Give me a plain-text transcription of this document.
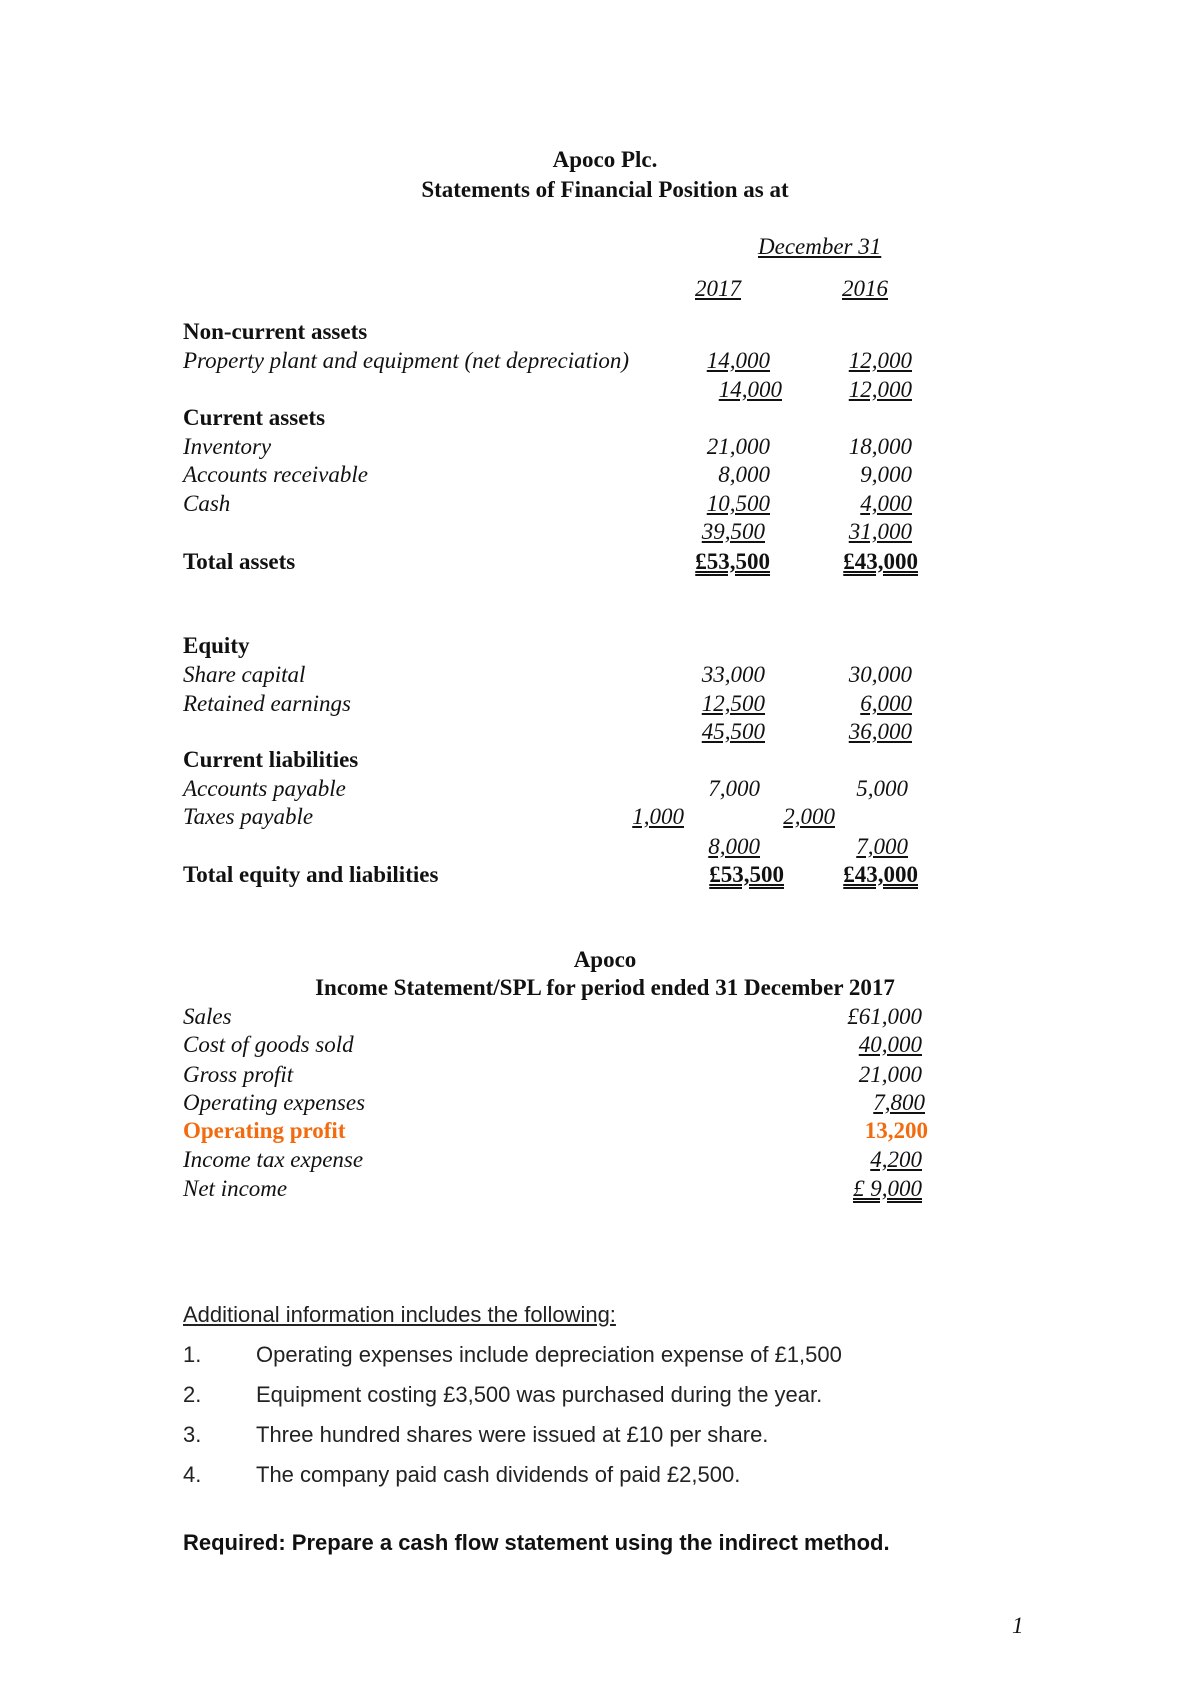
Apoco Plc.
Statements of Financial Position as at
December 31
2017	2016
Non-current assets
Property plant and equipment (net depreciation)	14,000	12,000
14,000	12,000
Current assets
Inventory	21,000	18,000
Accounts receivable	8,000	9,000
Cash	10,500	4,000
39,500	31,000
Total assets	£53,500	£43,000
Equity
Share capital	33,000	30,000
Retained earnings	12,500	6,000
45,500	36,000
Current liabilities
Accounts payable	7,000	5,000
Taxes payable	1,000	2,000
8,000	7,000
Total equity and liabilities	£53,500	£43,000
Apoco
Income Statement/SPL for period ended 31 December 2017
Sales	£61,000
Cost of goods sold	40,000
Gross profit	21,000
Operating expenses	7,800
Operating profit	13,200
Income tax expense	4,200
Net income	£ 9,000
Additional information includes the following:
1. Operating expenses include depreciation expense of £1,500
2. Equipment costing £3,500 was purchased during the year.
3. Three hundred shares were issued at £10 per share.
4. The company paid cash dividends of paid £2,500.
Required: Prepare a cash flow statement using the indirect method.
1
